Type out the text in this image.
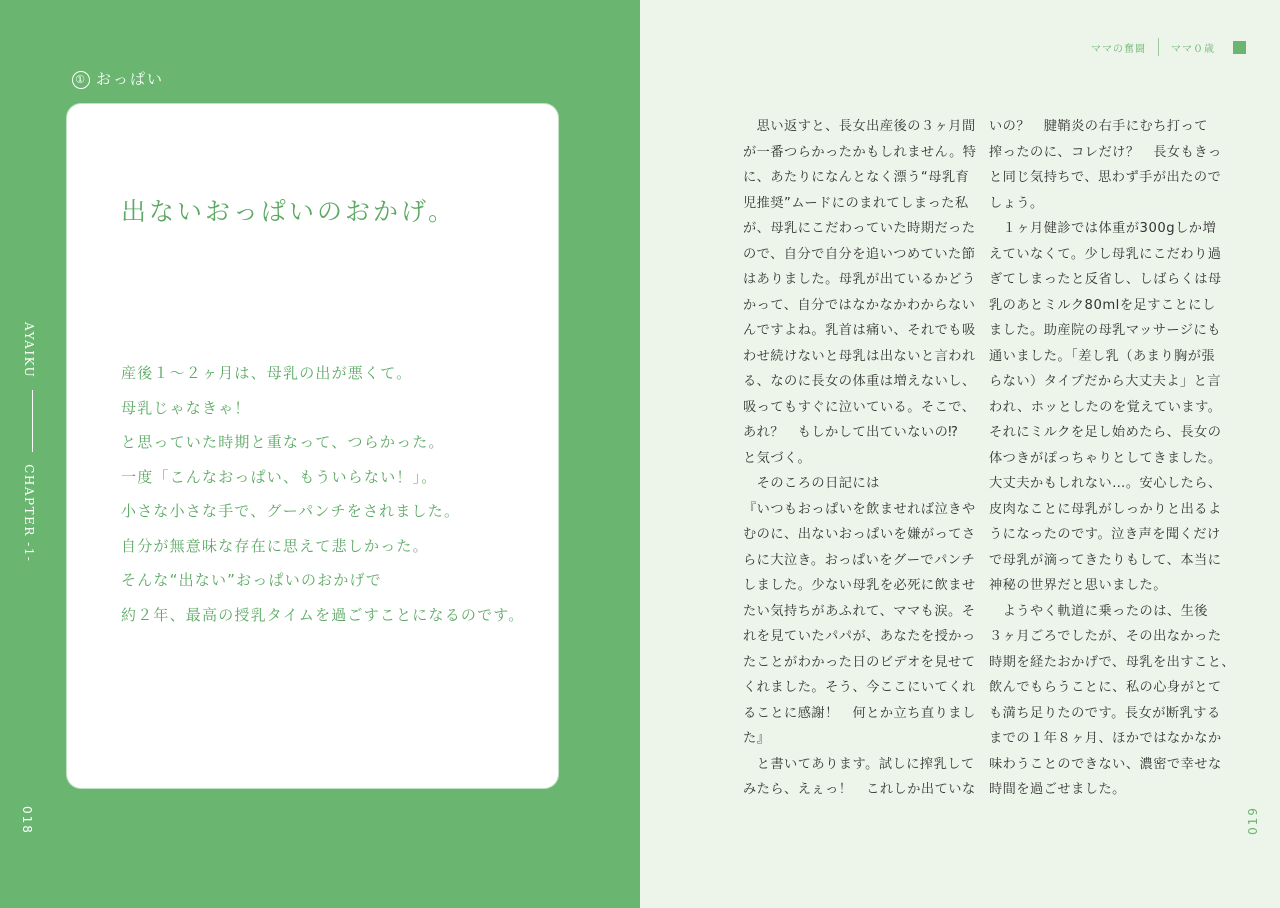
① おっぱい
出ないおっぱいのおかげ。
産後１～２ヶ月は、母乳の出が悪くて。
母乳じゃなきゃ！
と思っていた時期と重なって、つらかった。
一度「こんなおっぱい、もういらない！」。
小さな小さな手で、グーパンチをされました。
自分が無意味な存在に思えて悲しかった。
そんな“出ない”おっぱいのおかげで
約２年、最高の授乳タイムを過ごすことになるのです。
AYAIKUCHAPTER -1-
018
ママの奮闘	ママ０歳
　思い返すと、長女出産後の３ヶ月間
が一番つらかったかもしれません。特
に、あたりになんとなく漂う“母乳育
児推奨”ムードにのまれてしまった私
が、母乳にこだわっていた時期だった
ので、自分で自分を追いつめていた節
はありました。母乳が出ているかどう
かって、自分ではなかなかわからない
んですよね。乳首は痛い、それでも吸
わせ続けないと母乳は出ないと言われ
る、なのに長女の体重は増えないし、
吸ってもすぐに泣いている。そこで、
あれ？　もしかして出ていないの⁉
と気づく。
　そのころの日記には
『いつもおっぱいを飲ませれば泣きや
むのに、出ないおっぱいを嫌がってさ
らに大泣き。おっぱいをグーでパンチ
しました。少ない母乳を必死に飲ませ
たい気持ちがあふれて、ママも涙。そ
れを見ていたパパが、あなたを授かっ
たことがわかった日のビデオを見せて
くれました。そう、今ここにいてくれ
ることに感謝！　何とか立ち直りまし
た』
　と書いてあります。試しに搾乳して
みたら、えぇっ！　これしか出ていな
いの？　腱鞘炎の右手にむち打って
搾ったのに、コレだけ？　長女もきっ
と同じ気持ちで、思わず手が出たので
しょう。
　１ヶ月健診では体重が300gしか増
えていなくて。少し母乳にこだわり過
ぎてしまったと反省し、しばらくは母
乳のあとミルク80mlを足すことにし
ました。助産院の母乳マッサージにも
通いました。「差し乳（あまり胸が張
らない）タイプだから大丈夫よ」と言
われ、ホッとしたのを覚えています。
それにミルクを足し始めたら、長女の
体つきがぽっちゃりとしてきました。
大丈夫かもしれない…。安心したら、
皮肉なことに母乳がしっかりと出るよ
うになったのです。泣き声を聞くだけ
で母乳が滴ってきたりもして、本当に
神秘の世界だと思いました。
　ようやく軌道に乗ったのは、生後
３ヶ月ごろでしたが、その出なかった
時期を経たおかげで、母乳を出すこと、
飲んでもらうことに、私の心身がとて
も満ち足りたのです。長女が断乳する
までの１年８ヶ月、ほかではなかなか
味わうことのできない、濃密で幸せな
時間を過ごせました。
019
